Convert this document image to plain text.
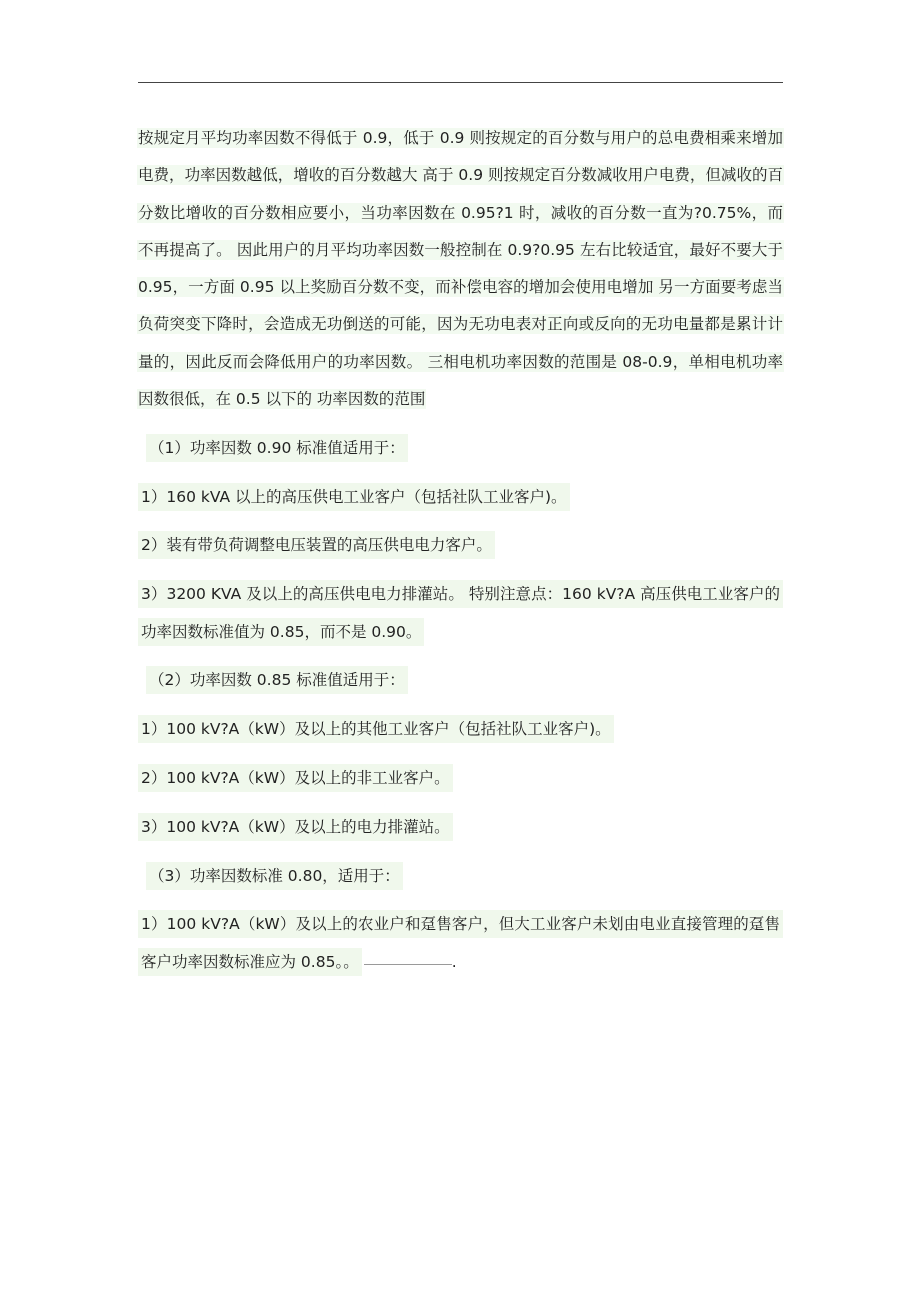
按规定月平均功率因数不得低于 0.9，低于 0.9 则按规定的百分数与用户的总电费相乘来增加电费，功率因数越低，增收的百分数越大 高于 0.9 则按规定百分数减收用户电费，但减收的百分数比增收的百分数相应要小，当功率因数在 0.95?1 时，减收的百分数一直为?0.75%，而不再提高了。 因此用户的月平均功率因数一般控制在 0.9?0.95 左右比较适宜，最好不要大于 0.95，一方面 0.95 以上奖励百分数不变，而补偿电容的增加会使用电增加 另一方面要考虑当负荷突变下降时，会造成无功倒送的可能，因为无功电表对正向或反向的无功电量都是累计计量的，因此反而会降低用户的功率因数。 三相电机功率因数的范围是 08-0.9，单相电机功率因数很低，在 0.5 以下的 功率因数的范围

（1）功率因数 0.90 标准值适用于：

1）160 kVA 以上的高压供电工业客户（包括社队工业客户)。

2）装有带负荷调整电压装置的高压供电电力客户。

3）3200 KVA 及以上的高压供电电力排灌站。 特别注意点：160 kV?A 高压供电工业客户的功率因数标准值为 0.85，而不是 0.90。

（2）功率因数 0.85 标准值适用于：

1）100 kV?A（kW）及以上的其他工业客户（包括社队工业客户)。

2）100 kV?A（kW）及以上的非工业客户。

3）100 kV?A（kW）及以上的电力排灌站。

（3）功率因数标准 0.80，适用于：

1）100 kV?A（kW）及以上的农业户和趸售客户，但大工业客户未划由电业直接管理的趸售客户功率因数标准应为 0.85。。	.
